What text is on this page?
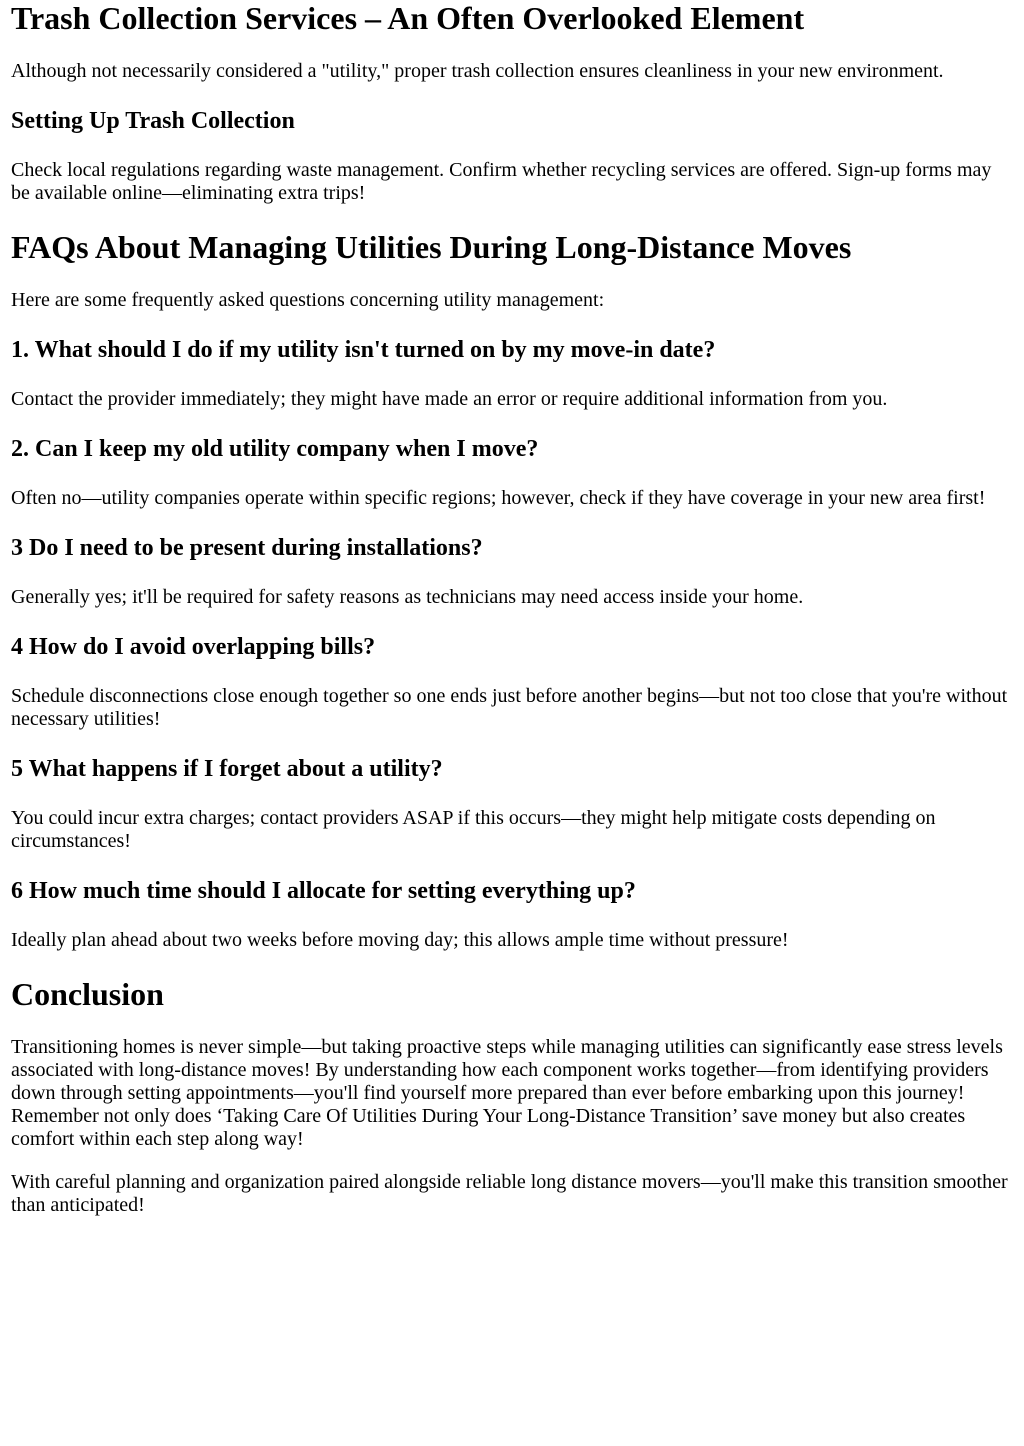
Trash Collection Services – An Often Overlooked Element

Although not necessarily considered a "utility," proper trash collection ensures cleanliness in your new environment.

Setting Up Trash Collection

Check local regulations regarding waste management. Confirm whether recycling services are offered. Sign-up forms may be available online—eliminating extra trips!

FAQs About Managing Utilities During Long-Distance Moves

Here are some frequently asked questions concerning utility management:

1. What should I do if my utility isn't turned on by my move-in date?

Contact the provider immediately; they might have made an error or require additional information from you.

2. Can I keep my old utility company when I move?

Often no—utility companies operate within specific regions; however, check if they have coverage in your new area first!

3 Do I need to be present during installations?

Generally yes; it'll be required for safety reasons as technicians may need access inside your home.

4 How do I avoid overlapping bills?

Schedule disconnections close enough together so one ends just before another begins—but not too close that you're without necessary utilities!

5 What happens if I forget about a utility?

You could incur extra charges; contact providers ASAP if this occurs—they might help mitigate costs depending on circumstances!

6 How much time should I allocate for setting everything up?

Ideally plan ahead about two weeks before moving day; this allows ample time without pressure!

Conclusion

Transitioning homes is never simple—but taking proactive steps while managing utilities can significantly ease stress levels associated with long-distance moves! By understanding how each component works together—from identifying providers down through setting appointments—you'll find yourself more prepared than ever before embarking upon this journey! Remember not only does ‘Taking Care Of Utilities During Your Long-Distance Transition’ save money but also creates comfort within each step along way!

With careful planning and organization paired alongside reliable long distance movers—you'll make this transition smoother than anticipated!
